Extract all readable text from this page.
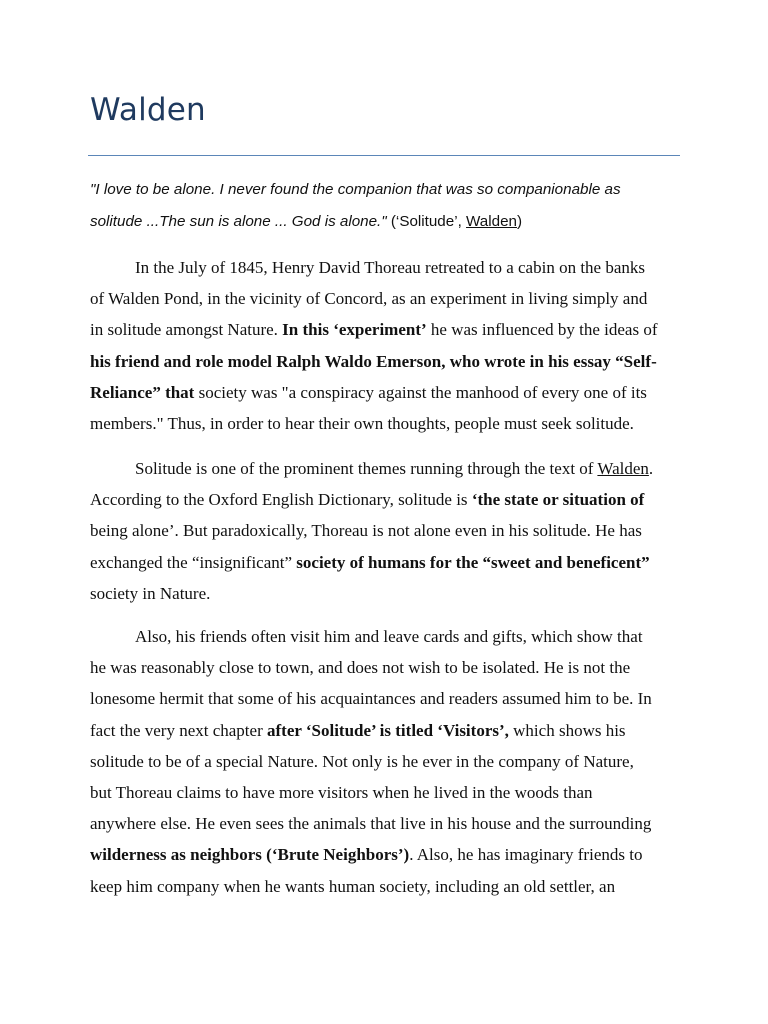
Walden
"I love to be alone. I never found the companion that was so companionable as
solitude ...The sun is alone ... God is alone." (‘Solitude’, Walden)
In the July of 1845, Henry David Thoreau retreated to a cabin on the banks
of Walden Pond, in the vicinity of Concord, as an experiment in living simply and
in solitude amongst Nature. In this ‘experiment’ he was influenced by the ideas of
his friend and role model Ralph Waldo Emerson, who wrote in his essay “Self-
Reliance” that society was "a conspiracy against the manhood of every one of its
members." Thus, in order to hear their own thoughts, people must seek solitude.
Solitude is one of the prominent themes running through the text of Walden.
According to the Oxford English Dictionary, solitude is ‘the state or situation of
being alone’. But paradoxically, Thoreau is not alone even in his solitude. He has
exchanged the “insignificant” society of humans for the “sweet and beneficent”
society in Nature.
Also, his friends often visit him and leave cards and gifts, which show that
he was reasonably close to town, and does not wish to be isolated. He is not the
lonesome hermit that some of his acquaintances and readers assumed him to be. In
fact the very next chapter after ‘Solitude’ is titled ‘Visitors’, which shows his
solitude to be of a special Nature. Not only is he ever in the company of Nature,
but Thoreau claims to have more visitors when he lived in the woods than
anywhere else. He even sees the animals that live in his house and the surrounding
wilderness as neighbors (‘Brute Neighbors’). Also, he has imaginary friends to
keep him company when he wants human society, including an old settler, an
